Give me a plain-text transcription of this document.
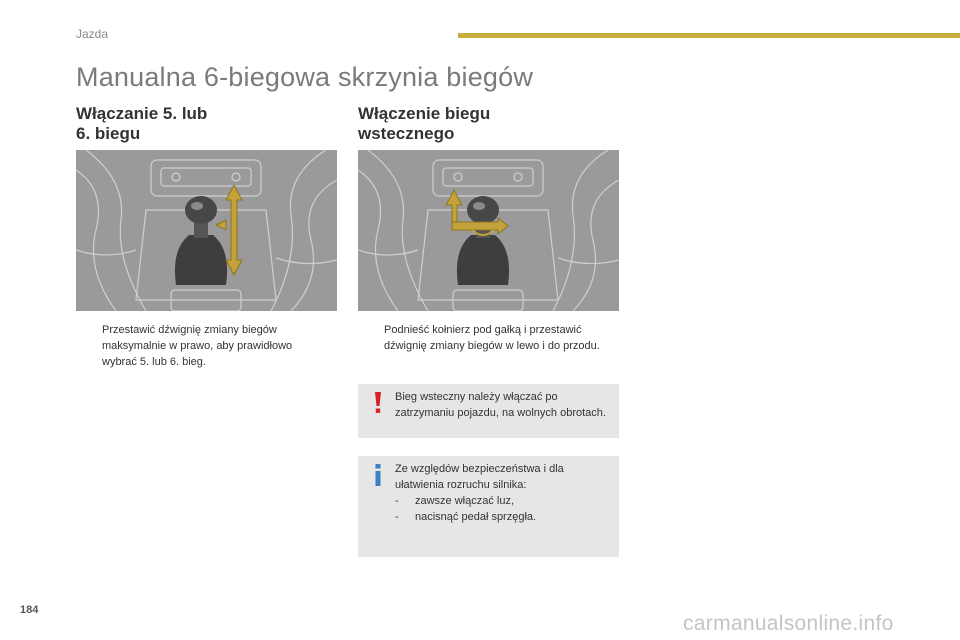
Jazda
Manualna 6-biegowa skrzynia biegów
Włączanie 5. lub
6. biegu
Przestawić dźwignię zmiany biegów maksymalnie w prawo, aby prawidłowo wybrać 5. lub 6. bieg.
Włączenie biegu
wstecznego
Podnieść kołnierz pod gałką i przestawić dźwignię zmiany biegów w lewo i do przodu.
Bieg wsteczny należy włączać po zatrzymaniu pojazdu, na wolnych obrotach.
Ze względów bezpieczeństwa i dla ułatwienia rozruchu silnika:
- zawsze włączać luz,
- nacisnąć pedał sprzęgła.
184
carmanualsonline.info
